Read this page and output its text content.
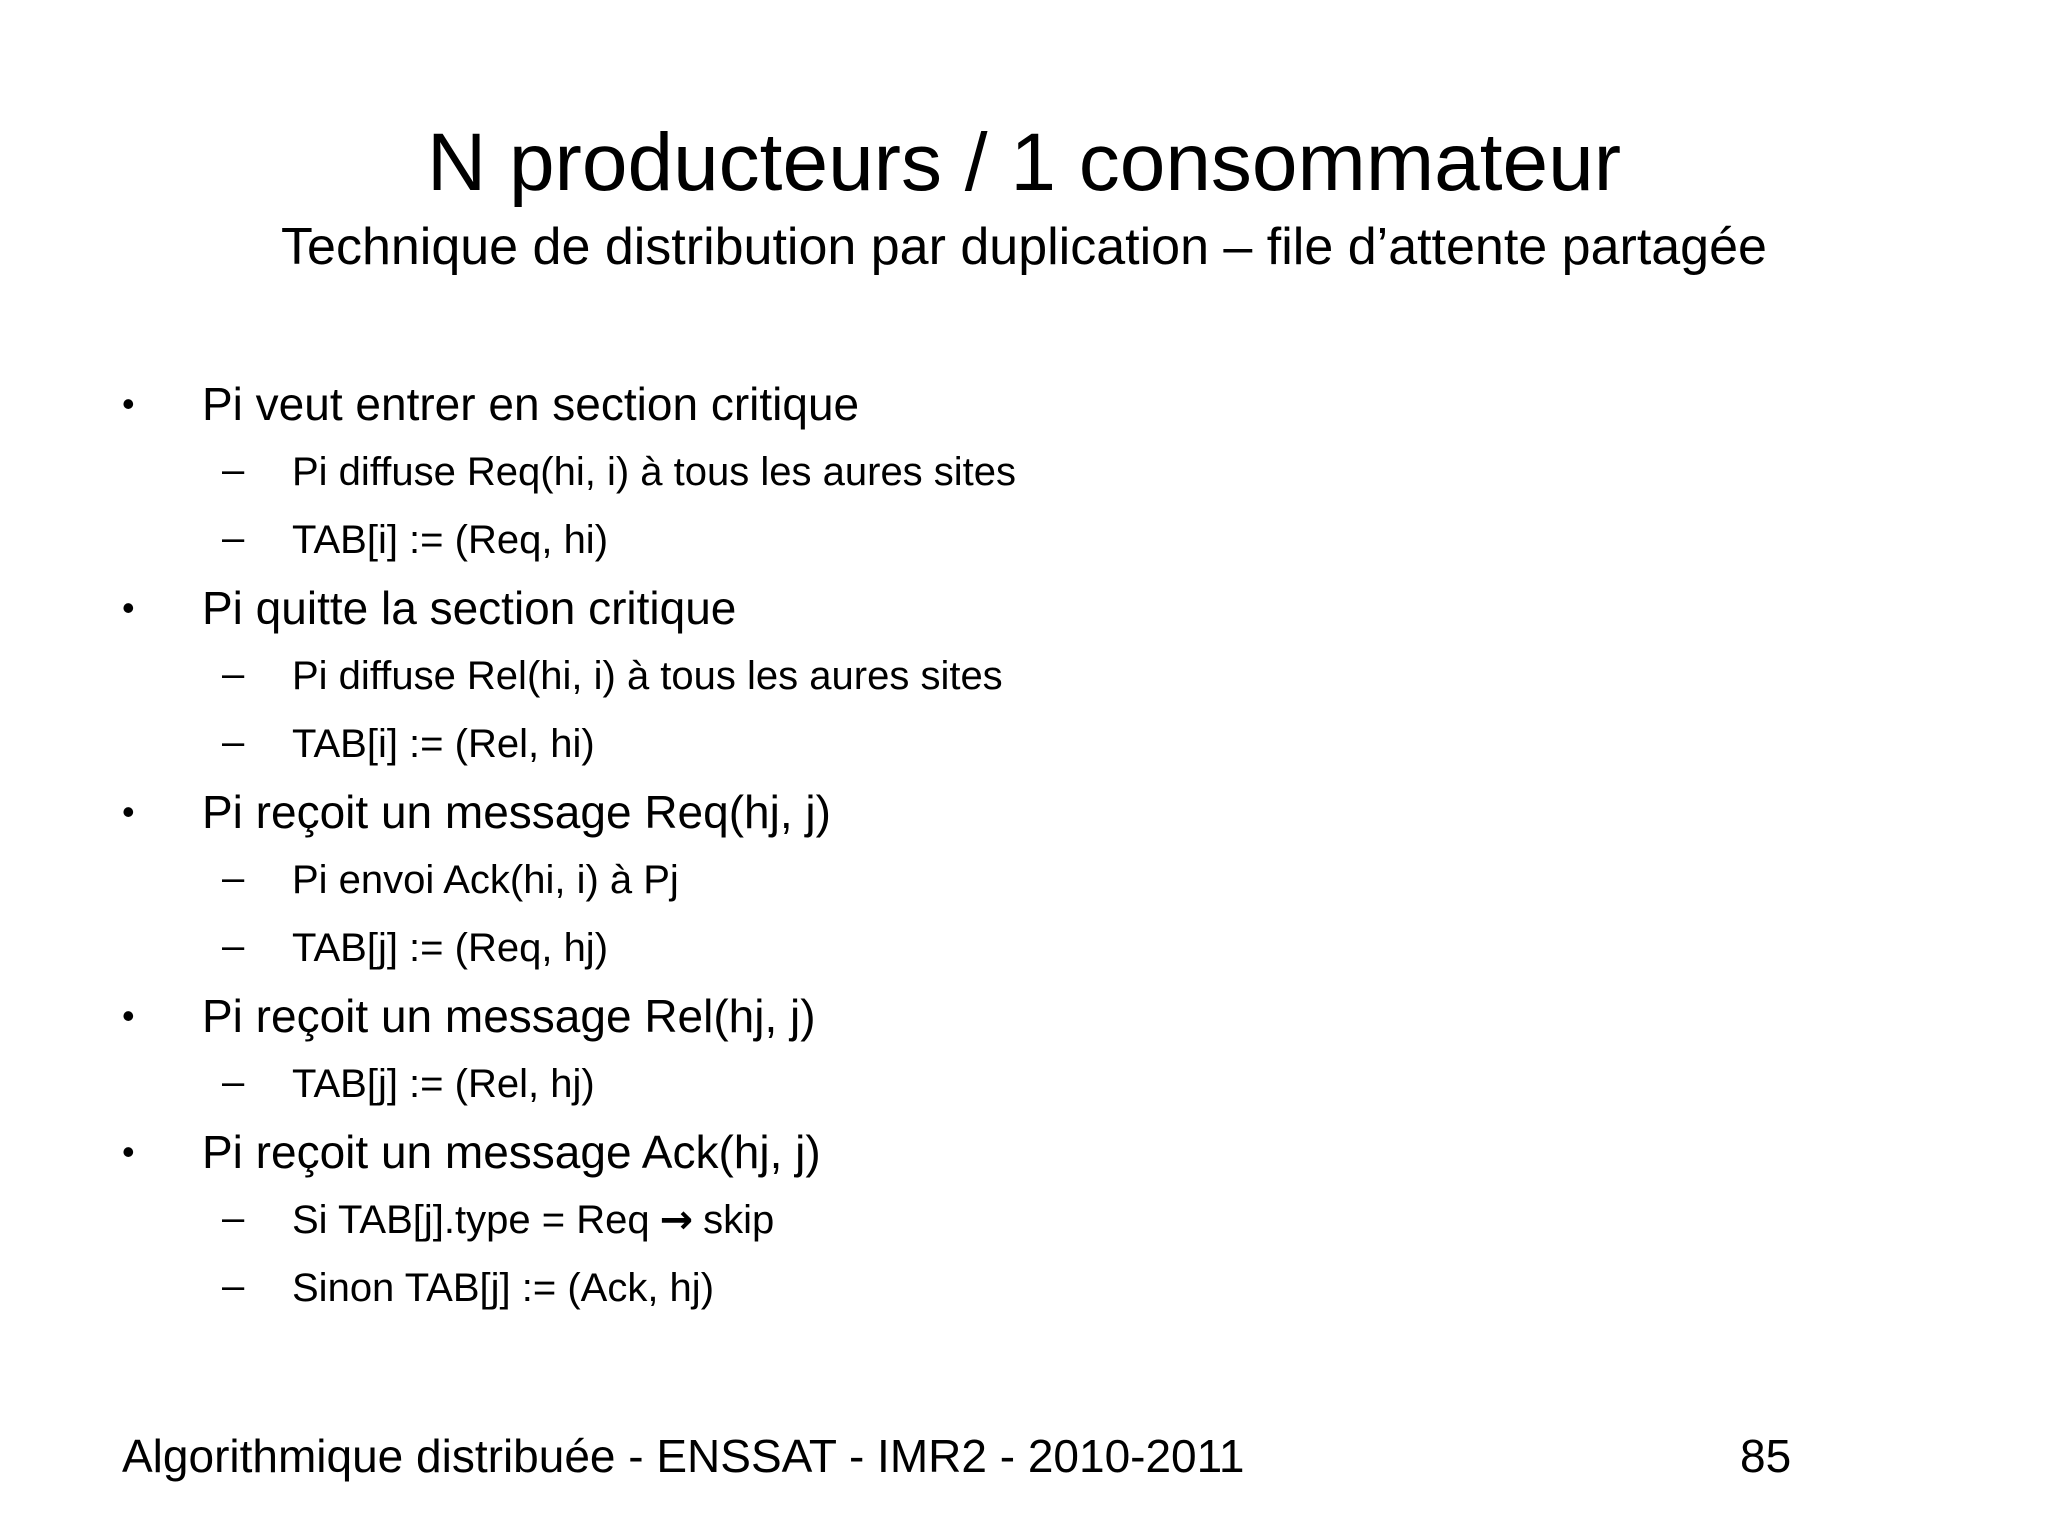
N producteurs / 1 consommateur
Technique de distribution par duplication – file d’attente partagée
• Pi veut entrer en section critique
– Pi diffuse Req(hi, i) à tous les aures sites
– TAB[i] := (Req, hi)
• Pi quitte la section critique
– Pi diffuse Rel(hi, i) à tous les aures sites
– TAB[i] := (Rel, hi)
• Pi reçoit un message Req(hj, j)
– Pi envoi Ack(hi, i) à Pj
– TAB[j] := (Req, hj)
• Pi reçoit un message Rel(hj, j)
– TAB[j] := (Rel, hj)
• Pi reçoit un message Ack(hj, j)
– Si TAB[j].type = Req → skip
– Sinon TAB[j] := (Ack, hj)
Algorithmique distribuée - ENSSAT - IMR2 - 2010-2011	85
